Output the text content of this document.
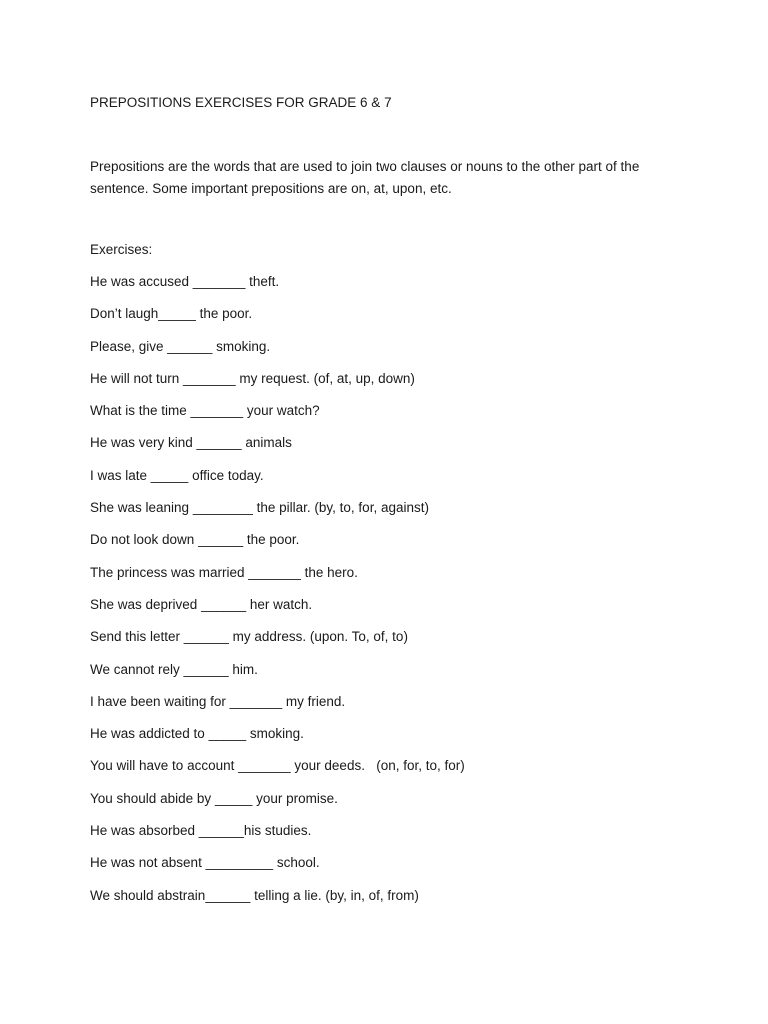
PREPOSITIONS EXERCISES FOR GRADE 6 & 7
Prepositions are the words that are used to join two clauses or nouns to the other part of the sentence. Some important prepositions are on, at, upon, etc.
Exercises:
He was accused _______ theft.
Don’t laugh_____ the poor.
Please, give ______ smoking.
He will not turn _______ my request. (of, at, up, down)
What is the time _______ your watch?
He was very kind ______ animals
I was late _____ office today.
She was leaning ________ the pillar. (by, to, for, against)
Do not look down ______ the poor.
The princess was married _______ the hero.
She was deprived ______ her watch.
Send this letter ______ my address. (upon. To, of, to)
We cannot rely ______ him.
I have been waiting for _______ my friend.
He was addicted to _____ smoking.
You will have to account _______ your deeds.   (on, for, to, for)
You should abide by _____ your promise.
He was absorbed ______his studies.
He was not absent _________ school.
We should abstrain______ telling a lie. (by, in, of, from)
